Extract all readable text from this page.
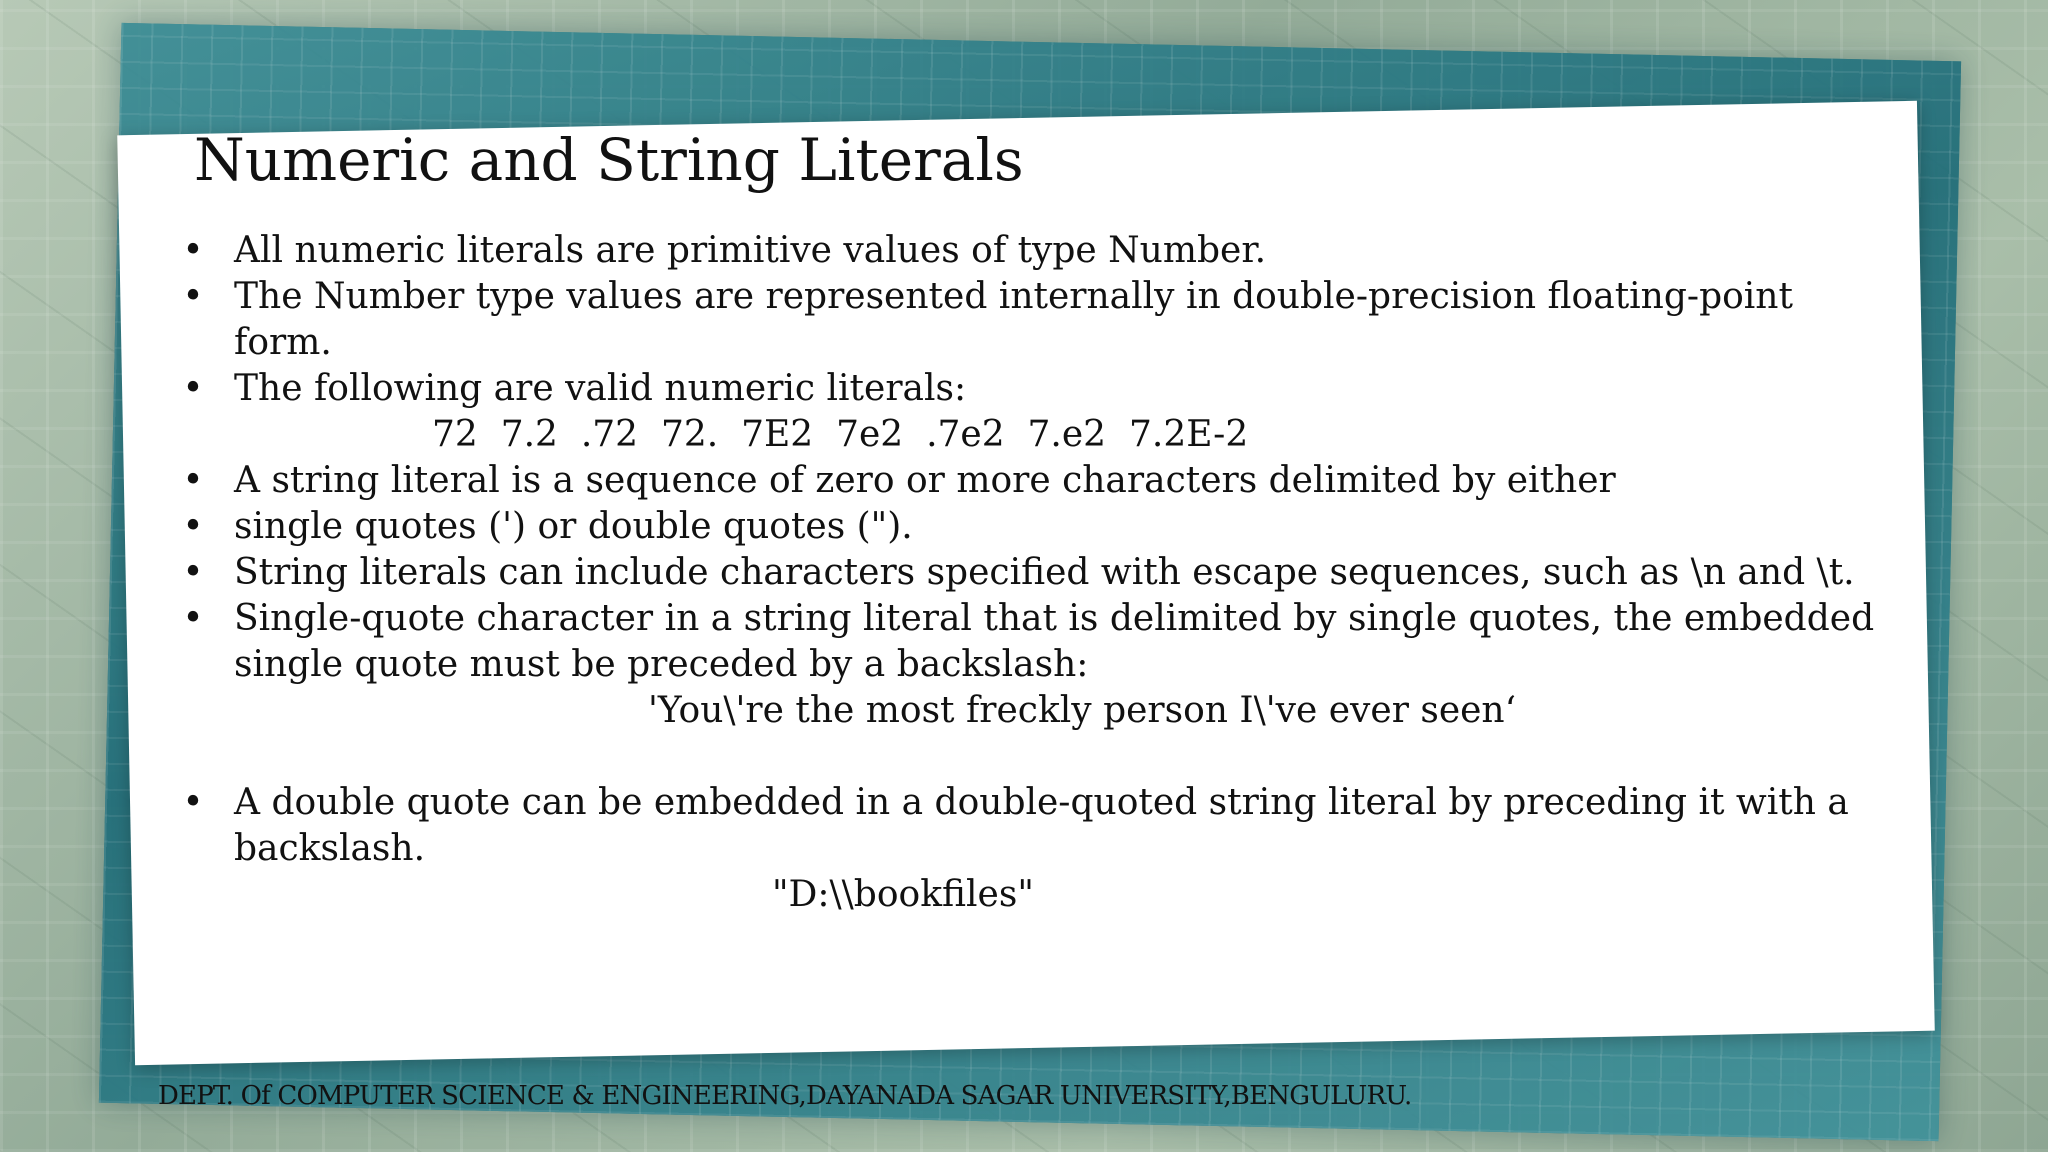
Numeric and String Literals
• All numeric literals are primitive values of type Number.
• The Number type values are represented internally in double-precision floating-point form.
• The following are valid numeric literals:
72  7.2  .72  72.  7E2  7e2  .7e2  7.e2  7.2E-2
• A string literal is a sequence of zero or more characters delimited by either
• single quotes (') or double quotes (").
• String literals can include characters specified with escape sequences, such as \n and \t.
• Single-quote character in a string literal that is delimited by single quotes, the embedded single quote must be preceded by a backslash:
'You\'re the most freckly person I\'ve ever seen‘
• A double quote can be embedded in a double-quoted string literal by preceding it with a backslash.
"D:\\bookfiles"
DEPT. Of COMPUTER SCIENCE & ENGINEERING,DAYANADA SAGAR UNIVERSITY,BENGULURU.
